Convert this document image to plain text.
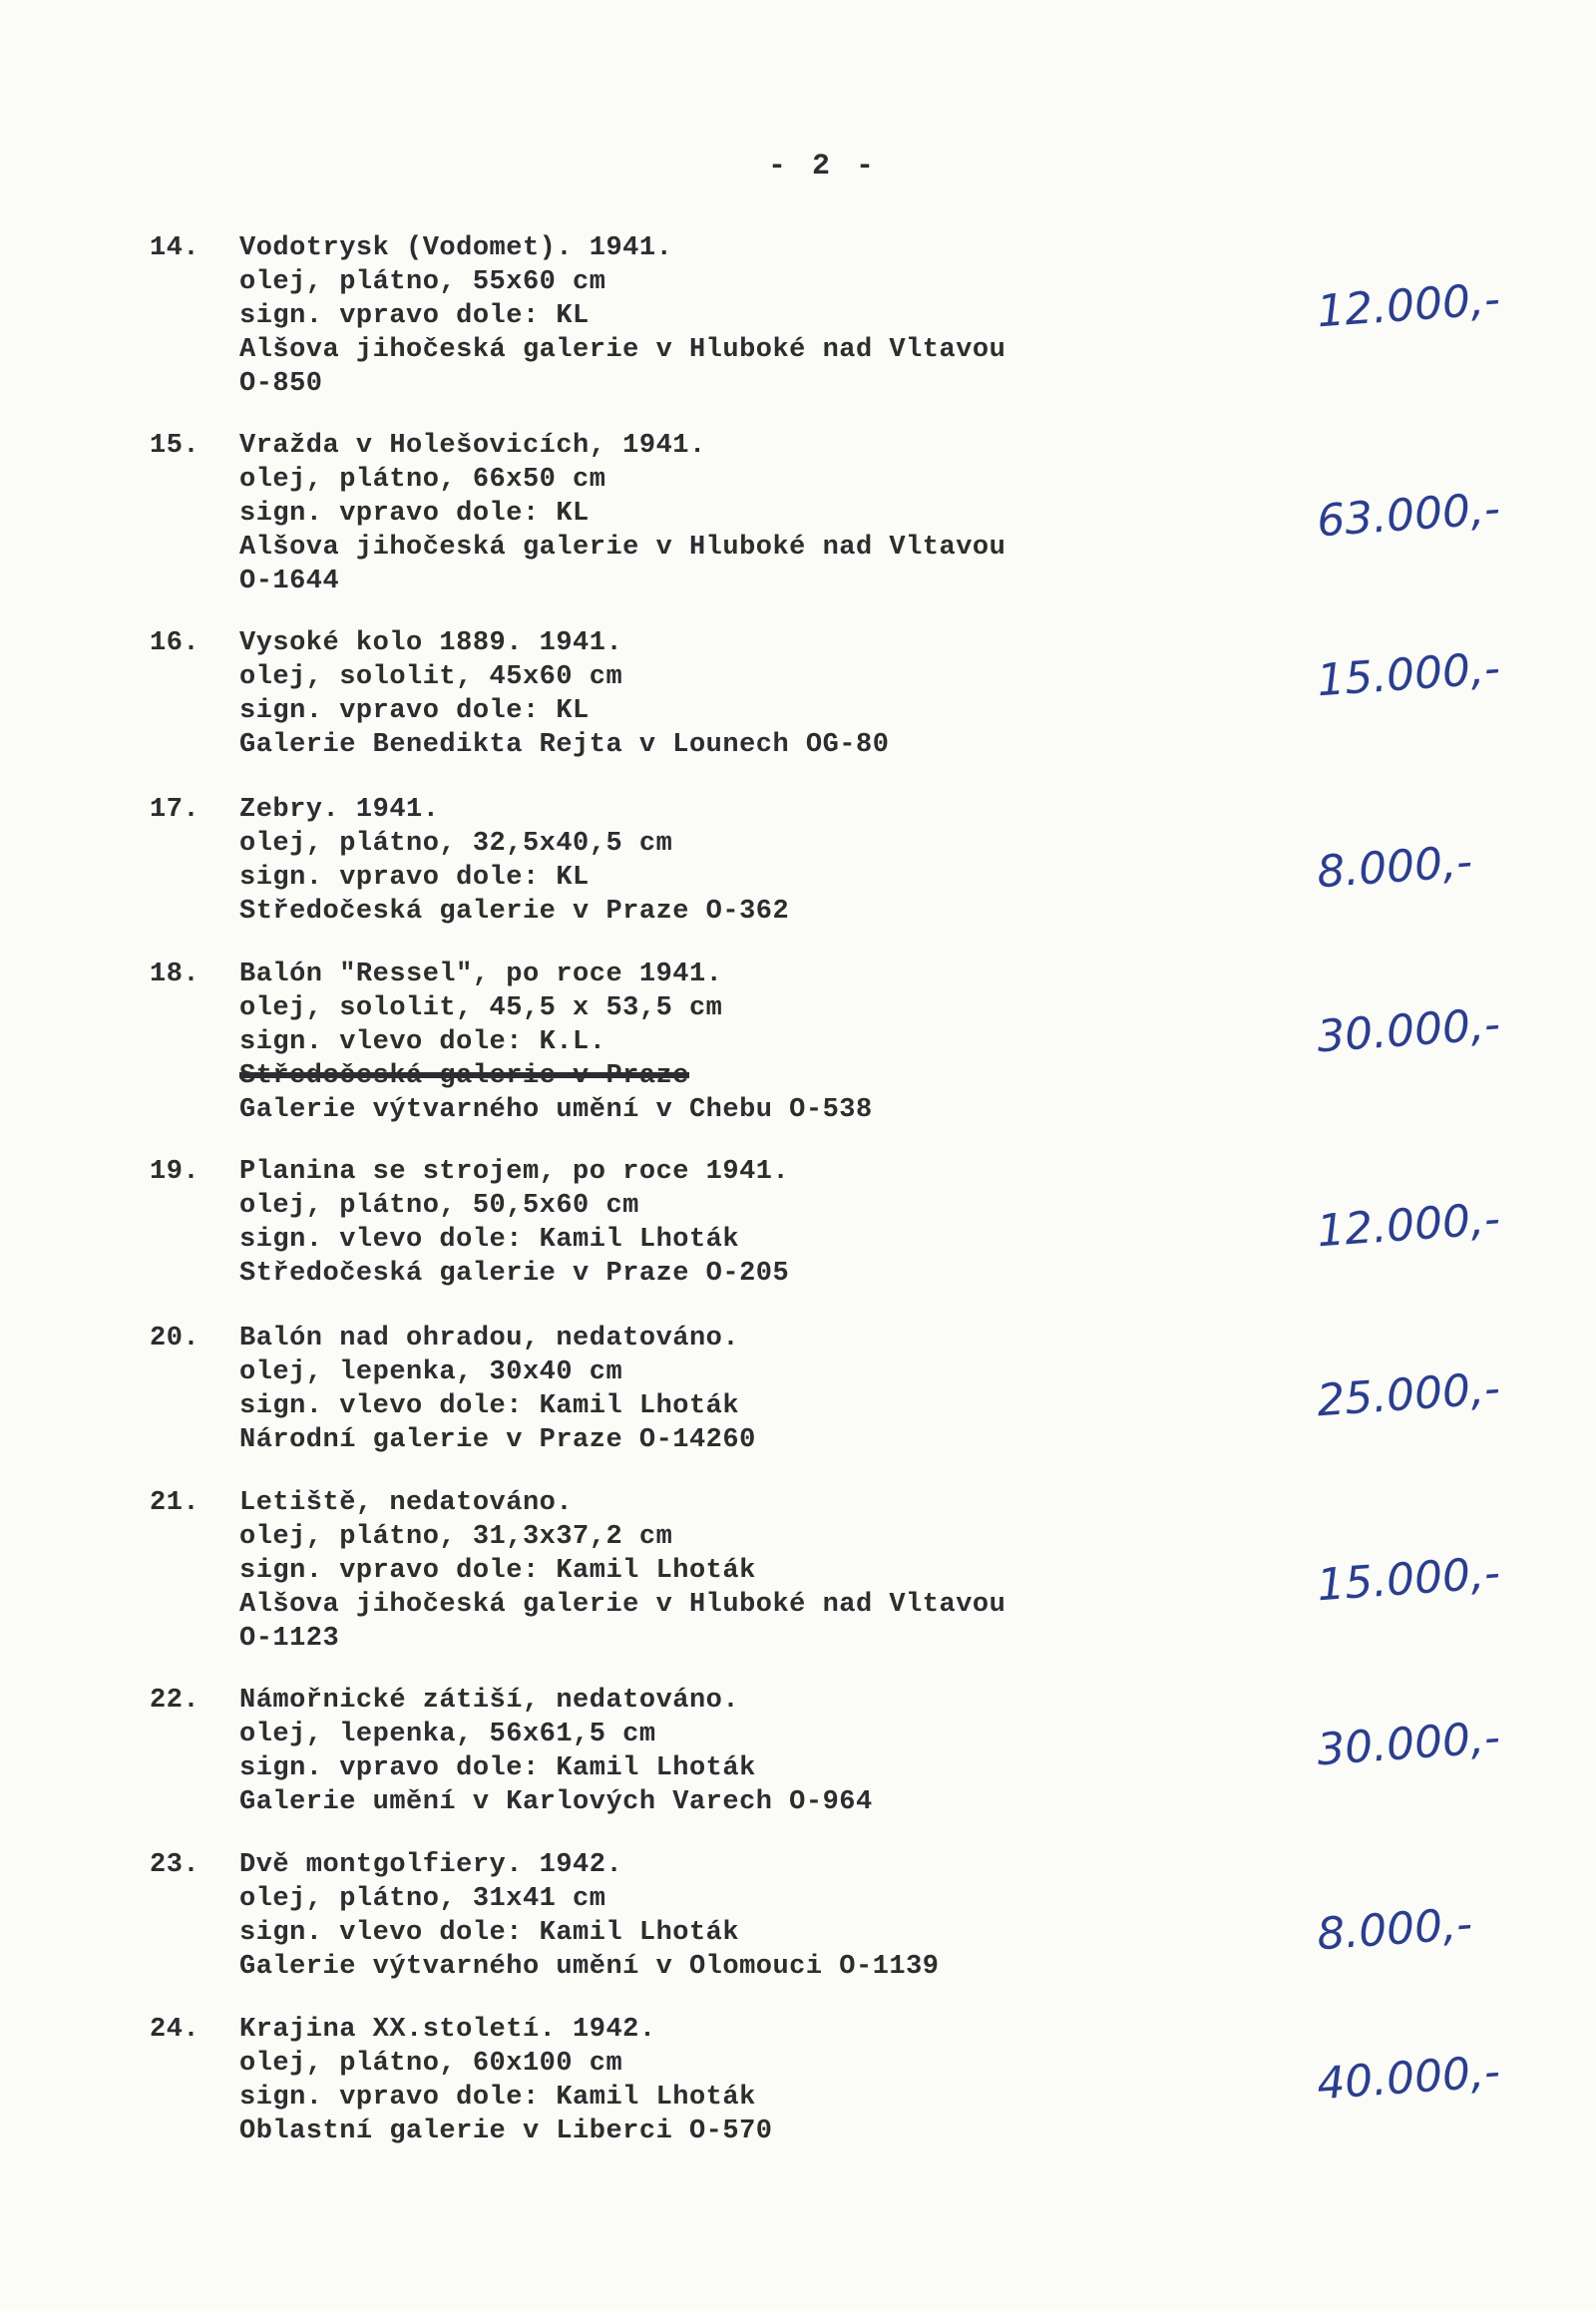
- 2 -
14.	Vodotrysk (Vodomet). 1941.
olej, plátno, 55x60 cm
sign. vpravo dole: KL
Alšova jihočeská galerie v Hluboké nad Vltavou
O-850
12.000,-
15.	Vražda v Holešovicích, 1941.
olej, plátno, 66x50 cm
sign. vpravo dole: KL
Alšova jihočeská galerie v Hluboké nad Vltavou
O-1644
63.000,-
16.	Vysoké kolo 1889. 1941.
olej, sololit, 45x60 cm
sign. vpravo dole: KL
Galerie Benedikta Rejta v Lounech OG-80
15.000,-
17.	Zebry. 1941.
olej, plátno, 32,5x40,5 cm
sign. vpravo dole: KL
Středočeská galerie v Praze O-362
8.000,-
18.	Balón "Ressel", po roce 1941.
olej, sololit, 45,5 x 53,5 cm
sign. vlevo dole: K.L.
Středočeská galerie v Praze
Galerie výtvarného umění v Chebu O-538
30.000,-
19.	Planina se strojem, po roce 1941.
olej, plátno, 50,5x60 cm
sign. vlevo dole: Kamil Lhoták
Středočeská galerie v Praze O-205
12.000,-
20.	Balón nad ohradou, nedatováno.
olej, lepenka, 30x40 cm
sign. vlevo dole: Kamil Lhoták
Národní galerie v Praze O-14260
25.000,-
21.	Letiště, nedatováno.
olej, plátno, 31,3x37,2 cm
sign. vpravo dole: Kamil Lhoták
Alšova jihočeská galerie v Hluboké nad Vltavou
O-1123
15.000,-
22.	Námořnické zátiší, nedatováno.
olej, lepenka, 56x61,5 cm
sign. vpravo dole: Kamil Lhoták
Galerie umění v Karlových Varech O-964
30.000,-
23.	Dvě montgolfiery. 1942.
olej, plátno, 31x41 cm
sign. vlevo dole: Kamil Lhoták
Galerie výtvarného umění v Olomouci O-1139
8.000,-
24.	Krajina XX.století. 1942.
olej, plátno, 60x100 cm
sign. vpravo dole: Kamil Lhoták
Oblastní galerie v Liberci O-570
40.000,-
